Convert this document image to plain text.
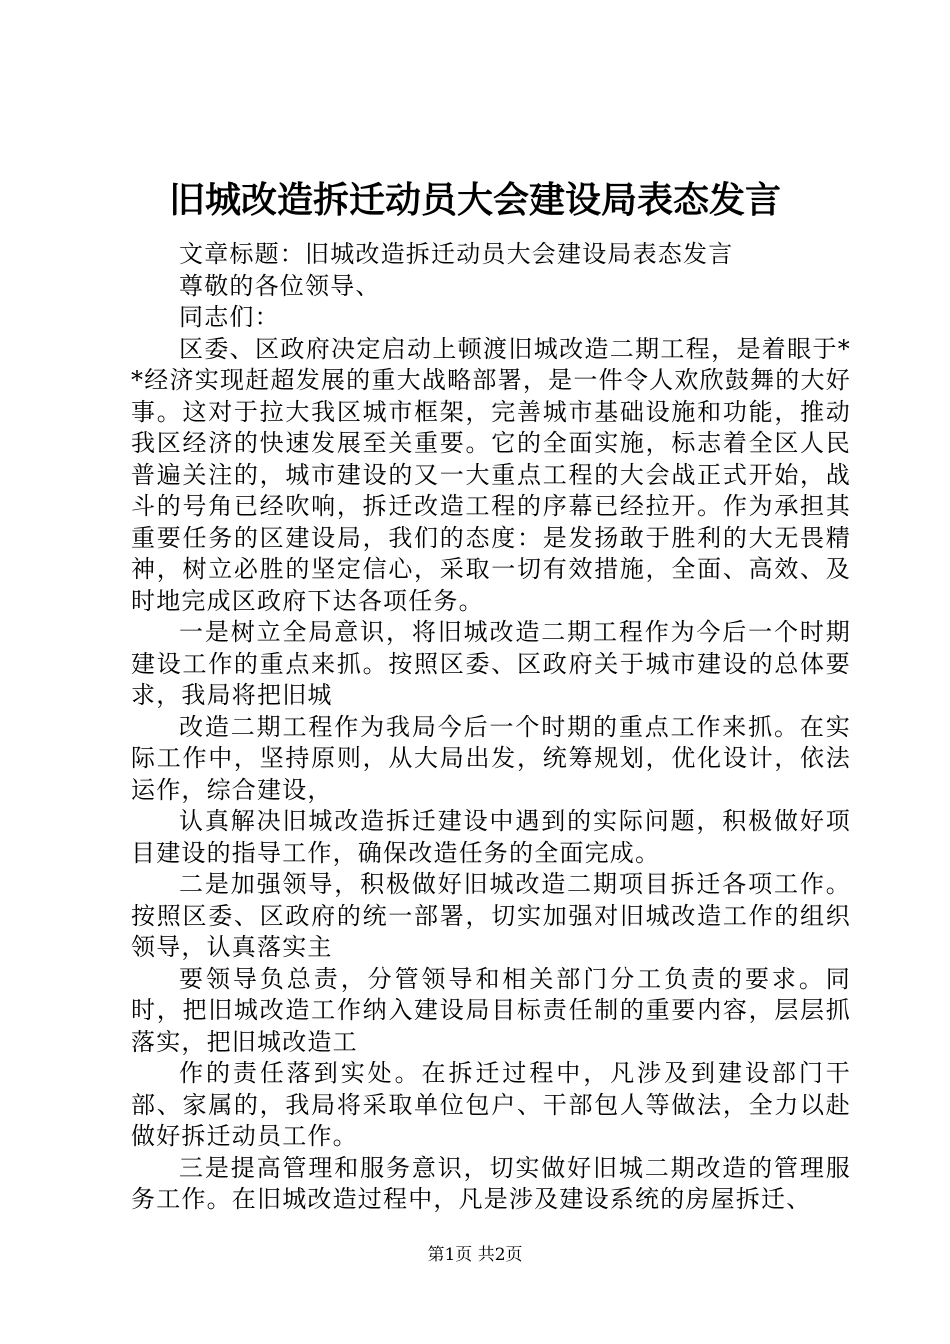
旧城改造拆迁动员大会建设局表态发言

文章标题：旧城改造拆迁动员大会建设局表态发言

尊敬的各位领导、

同志们：

区委、区政府决定启动上顿渡旧城改造二期工程，是着眼于**经济实现赶超发展的重大战略部署，是一件令人欢欣鼓舞的大好事。这对于拉大我区城市框架，完善城市基础设施和功能，推动我区经济的快速发展至关重要。它的全面实施，标志着全区人民普遍关注的，城市建设的又一大重点工程的大会战正式开始，战斗的号角已经吹响，拆迁改造工程的序幕已经拉开。作为承担其重要任务的区建设局，我们的态度：是发扬敢于胜利的大无畏精神，树立必胜的坚定信心，采取一切有效措施，全面、高效、及时地完成区政府下达各项任务。

一是树立全局意识，将旧城改造二期工程作为今后一个时期建设工作的重点来抓。按照区委、区政府关于城市建设的总体要求，我局将把旧城

改造二期工程作为我局今后一个时期的重点工作来抓。在实际工作中，坚持原则，从大局出发，统筹规划，优化设计，依法运作，综合建设，

认真解决旧城改造拆迁建设中遇到的实际问题，积极做好项目建设的指导工作，确保改造任务的全面完成。

二是加强领导，积极做好旧城改造二期项目拆迁各项工作。按照区委、区政府的统一部署，切实加强对旧城改造工作的组织领导，认真落实主

要领导负总责，分管领导和相关部门分工负责的要求。同时，把旧城改造工作纳入建设局目标责任制的重要内容，层层抓落实，把旧城改造工

作的责任落到实处。在拆迁过程中，凡涉及到建设部门干部、家属的，我局将采取单位包户、干部包人等做法，全力以赴做好拆迁动员工作。

三是提高管理和服务意识，切实做好旧城二期改造的管理服务工作。在旧城改造过程中，凡是涉及建设系统的房屋拆迁、

第1页 共2页
